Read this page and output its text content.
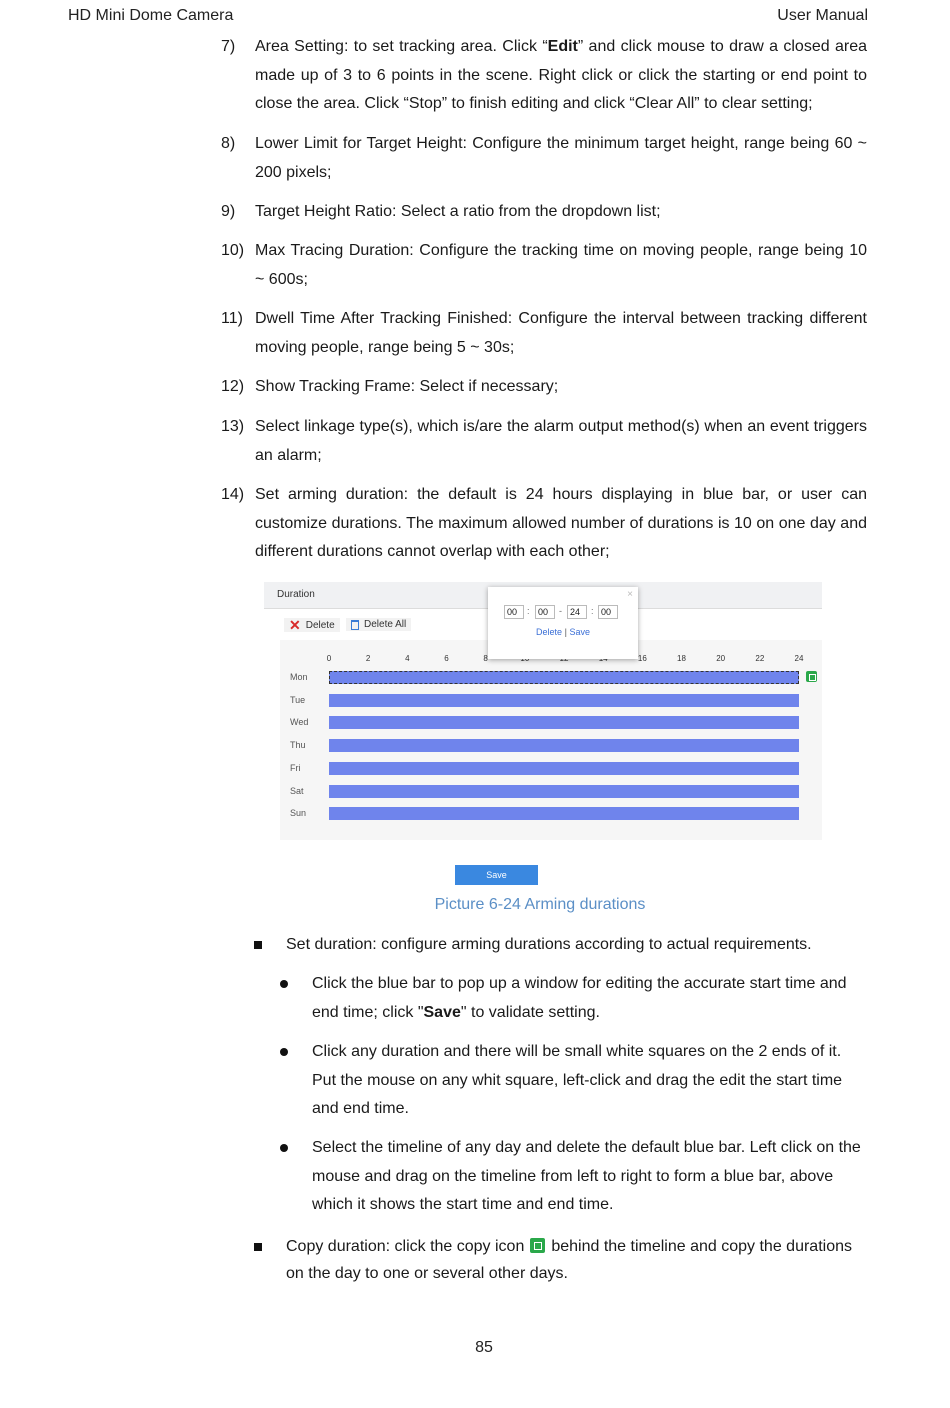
HD Mini Dome Camera	User Manual
7) Area Setting: to set tracking area. Click “Edit” and click mouse to draw a closed area made up of 3 to 6 points in the scene. Right click or click the starting or end point to close the area. Click “Stop” to finish editing and click “Clear All” to clear setting;
8) Lower Limit for Target Height: Configure the minimum target height, range being 60 ~ 200 pixels;
9) Target Height Ratio: Select a ratio from the dropdown list;
10) Max Tracing Duration: Configure the tracking time on moving people, range being 10 ~ 600s;
11) Dwell Time After Tracking Finished: Configure the interval between tracking different moving people, range being 5 ~ 30s;
12) Show Tracking Frame: Select if necessary;
13) Select linkage type(s), which is/are the alarm output method(s) when an event triggers an alarm;
14) Set arming duration: the default is 24 hours displaying in blue bar, or user can customize durations. The maximum allowed number of durations is 10 on one day and different durations cannot overlap with each other;
Duration
✕ Delete	Delete All
0	2	4	6	8	16	18	20	22	24
Mon
Tue
Wed
Thu
Fri
Sat
Sun
×
00	: 00	- 24	: 00
Delete | Save
Save
Picture 6-24 Arming durations
Set duration: configure arming durations according to actual requirements.
Click the blue bar to pop up a window for editing the accurate start time and end time; click "Save" to validate setting.
Click any duration and there will be small white squares on the 2 ends of it. Put the mouse on any whit square, left-click and drag the edit the start time and end time.
Select the timeline of any day and delete the default blue bar. Left click on the mouse and drag on the timeline from left to right to form a blue bar, above which it shows the start time and end time.
Copy duration: click the copy icon behind the timeline and copy the durations on the day to one or several other days.
85
